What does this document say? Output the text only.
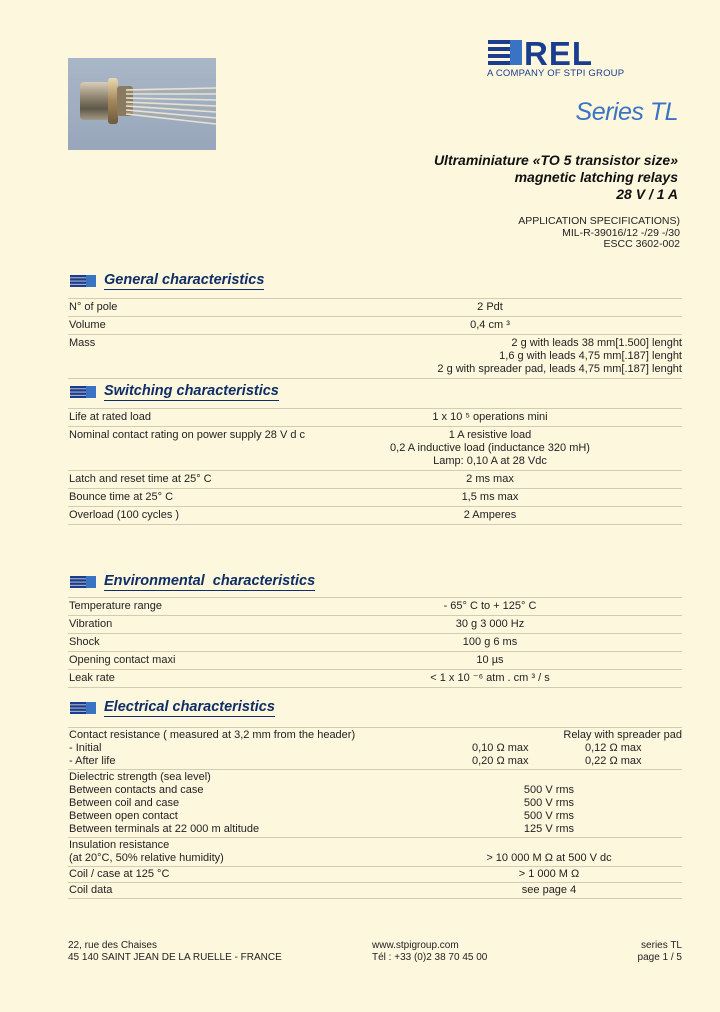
REL
A COMPANY OF STPI GROUP
Series TL
Ultraminiature «TO 5 transistor size»
magnetic latching relays
28 V / 1 A
APPLICATION SPECIFICATIONS)
MIL-R-39016/12 -/29 -/30
ESCC 3602-002
General characteristics
N° of pole	2 Pdt
Volume	0,4 cm ³
Mass	2 g with leads 38 mm[1.500] lenght
1,6 g with leads 4,75 mm[.187] lenght
2 g with spreader pad, leads 4,75 mm[.187] lenght
Switching characteristics
Life at rated load	1 x 10 ⁵ operations mini
Nominal contact rating on power supply 28 V d c	1 A resistive load
0,2 A inductive load (inductance 320 mH)
Lamp: 0,10 A at 28 Vdc
Latch and reset time at 25° C	2 ms max
Bounce time at 25° C	1,5 ms max
Overload (100 cycles )	2 Amperes
Environmental  characteristics
Temperature range	- 65° C to + 125° C
Vibration	30 g 3 000 Hz
Shock	100 g 6 ms
Opening contact maxi	10 µs
Leak rate	< 1 x 10 ⁻⁶ atm . cm ³ / s
Electrical characteristics
Contact resistance ( measured at 3,2 mm from the header)	Relay with spreader pad
- Initial	0,10 Ω max	0,12 Ω max
- After life	0,20 Ω max	0,22 Ω max
Dielectric strength (sea level)
Between contacts and case	500 V rms
Between coil and case	500 V rms
Between open contact	500 V rms
Between terminals at 22 000 m altitude	125 V rms
Insulation resistance
(at 20°C, 50% relative humidity)	> 10 000 M Ω at 500 V dc
Coil / case at 125 °C	> 1 000 M Ω
Coil data	see page 4
22, rue des Chaises
45 140 SAINT JEAN DE LA RUELLE - FRANCE
www.stpigroup.com
Tél : +33 (0)2 38 70 45 00
series TL
page 1 / 5
